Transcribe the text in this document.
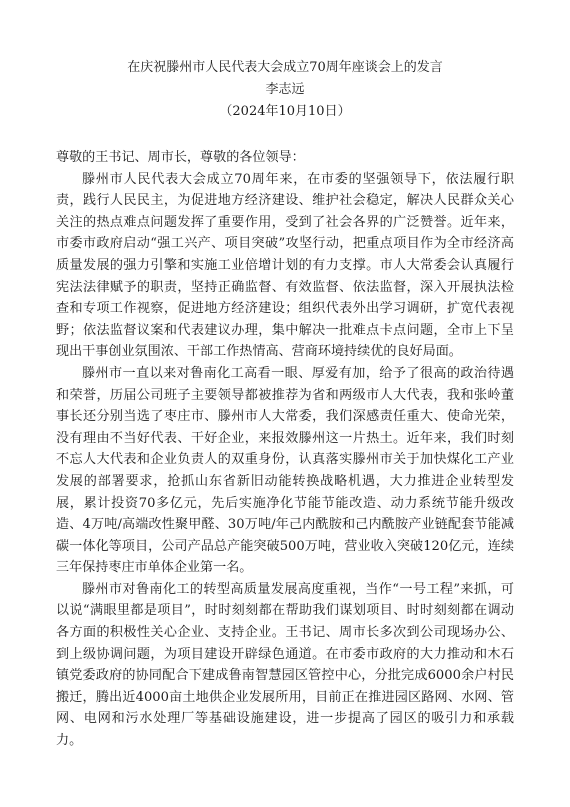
在庆祝滕州市人民代表大会成立70周年座谈会上的发言
李志远
（2024年10月10日）

尊敬的王书记、周市长，尊敬的各位领导：

滕州市人民代表大会成立70周年来，在市委的坚强领导下，依法履行职责，践行人民民主，为促进地方经济建设、维护社会稳定，解决人民群众关心关注的热点难点问题发挥了重要作用，受到了社会各界的广泛赞誉。近年来，市委市政府启动“强工兴产、项目突破”攻坚行动，把重点项目作为全市经济高质量发展的强力引擎和实施工业倍增计划的有力支撑。市人大常委会认真履行宪法法律赋予的职责，坚持正确监督、有效监督、依法监督，深入开展执法检查和专项工作视察，促进地方经济建设；组织代表外出学习调研，扩宽代表视野；依法监督议案和代表建议办理，集中解决一批难点卡点问题，全市上下呈现出干事创业氛围浓、干部工作热情高、营商环境持续优的良好局面。

滕州市一直以来对鲁南化工高看一眼、厚爱有加，给予了很高的政治待遇和荣誉，历届公司班子主要领导都被推荐为省和两级市人大代表，我和张岭董事长还分别当选了枣庄市、滕州市人大常委，我们深感责任重大、使命光荣，没有理由不当好代表、干好企业，来报效滕州这一片热土。近年来，我们时刻不忘人大代表和企业负责人的双重身份，认真落实滕州市关于加快煤化工产业发展的部署要求，抢抓山东省新旧动能转换战略机遇，大力推进企业转型发展，累计投资70多亿元，先后实施净化节能节能改造、动力系统节能升级改造、4万吨/高端改性聚甲醛、30万吨/年己内酰胺和己内酰胺产业链配套节能减碳一体化等项目，公司产品总产能突破500万吨，营业收入突破120亿元，连续三年保持枣庄市单体企业第一名。

滕州市对鲁南化工的转型高质量发展高度重视，当作“一号工程”来抓，可以说“满眼里都是项目”，时时刻刻都在帮助我们谋划项目、时时刻刻都在调动各方面的积极性关心企业、支持企业。王书记、周市长多次到公司现场办公、到上级协调问题，为项目建设开辟绿色通道。在市委市政府的大力推动和木石镇党委政府的协同配合下建成鲁南智慧园区管控中心，分批完成6000余户村民搬迁，腾出近4000亩土地供企业发展所用，目前正在推进园区路网、水网、管网、电网和污水处理厂等基础设施建设，进一步提高了园区的吸引力和承载力。
